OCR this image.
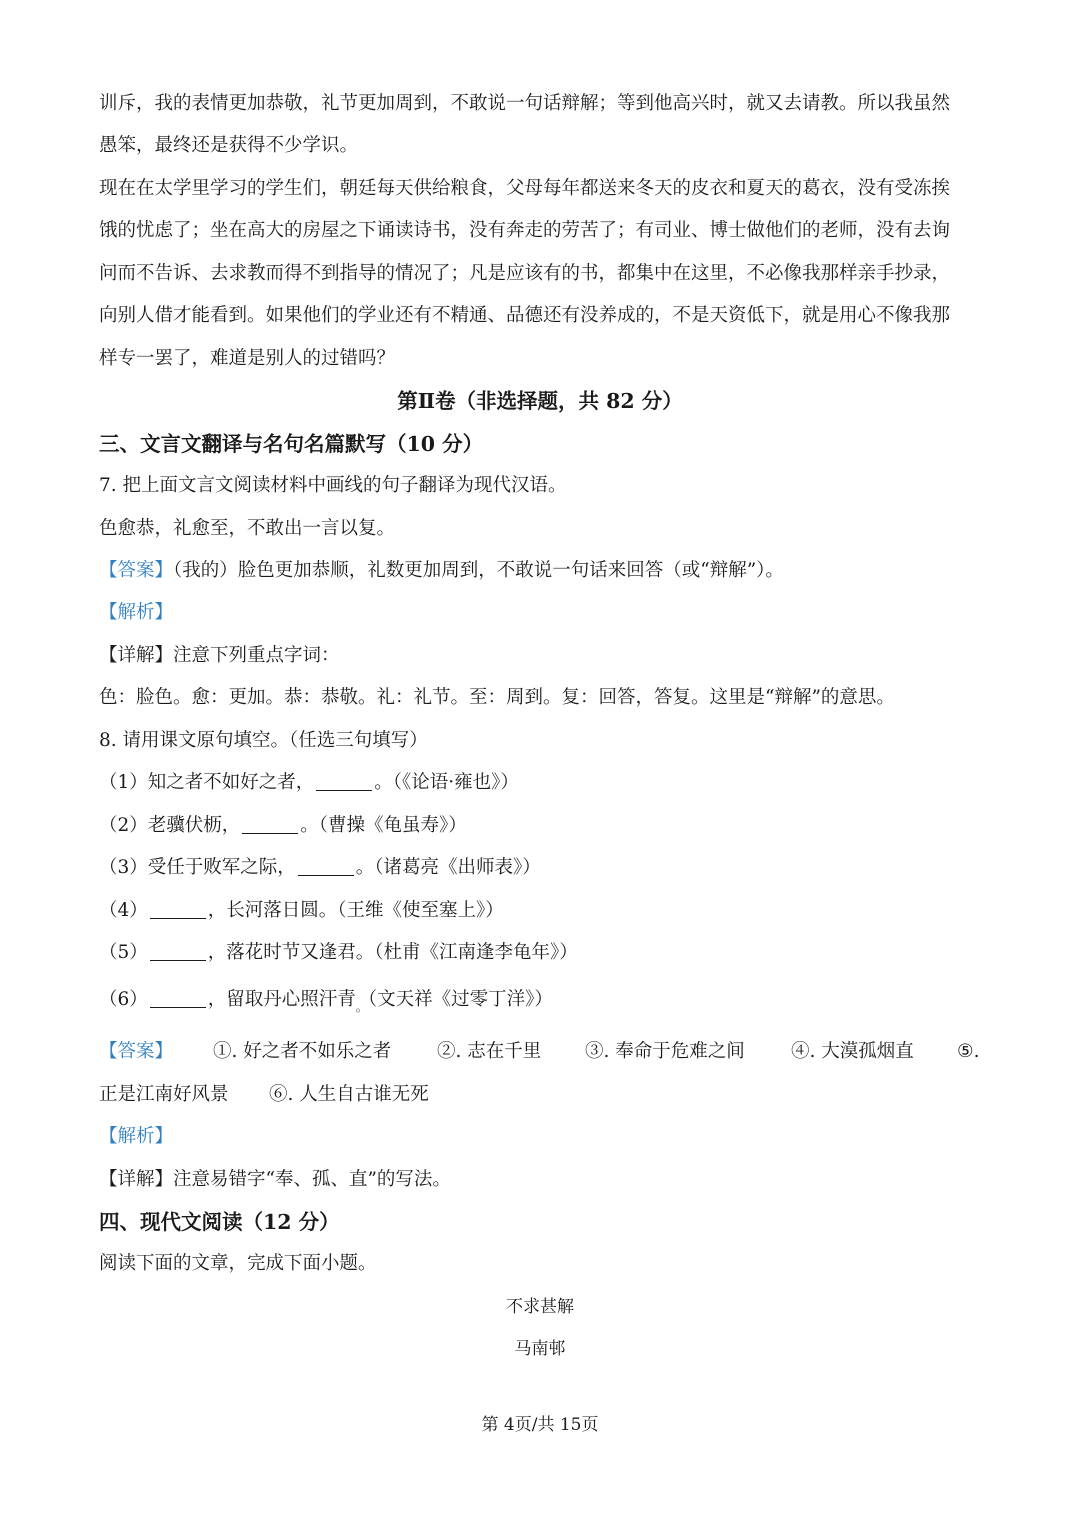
训斥，我的表情更加恭敬，礼节更加周到，不敢说一句话辩解；等到他高兴时，就又去请教。所以我虽然
愚笨，最终还是获得不少学识。
现在在太学里学习的学生们，朝廷每天供给粮食，父母每年都送来冬天的皮衣和夏天的葛衣，没有受冻挨
饿的忧虑了；坐在高大的房屋之下诵读诗书，没有奔走的劳苦了；有司业、博士做他们的老师，没有去询
问而不告诉、去求教而得不到指导的情况了；凡是应该有的书，都集中在这里，不必像我那样亲手抄录，
向别人借才能看到。如果他们的学业还有不精通、品德还有没养成的，不是天资低下，就是用心不像我那
样专一罢了，难道是别人的过错吗？
第Ⅱ卷（非选择题，共 82 分）
三、文言文翻译与名句名篇默写（10 分）
7. 把上面文言文阅读材料中画线的句子翻译为现代汉语。
色愈恭，礼愈至，不敢出一言以复。
【答案】（我的）脸色更加恭顺，礼数更加周到，不敢说一句话来回答（或“辩解”）。
【解析】
【详解】注意下列重点字词：
色：脸色。愈：更加。恭：恭敬。礼：礼节。至：周到。复：回答，答复。这里是“辩解”的意思。
8. 请用课文原句填空。（任选三句填写）
（1）知之者不如好之者，	。（《论语·雍也》）
（2）老骥伏枥，	。（曹操《龟虽寿》）
（3）受任于败军之际，	。（诸葛亮《出师表》）
（4）	，长河落日圆。（王维《使至塞上》）
（5）	，落花时节又逢君。（杜甫《江南逢李龟年》）
（6）	，留取丹心照汗青$_。$（文天祥《过零丁洋》）
【答案】 ①. 好之者不如乐之者 ②. 志在千里 ③. 奉命于危难之间 ④. 大漠孤烟直 ⑤.
正是江南好风景 ⑥. 人生自古谁无死
【解析】
【详解】注意易错字“奉、孤、直”的写法。
四、现代文阅读（12 分）
阅读下面的文章，完成下面小题。
不求甚解
马南邨
第 4页/共 15页
